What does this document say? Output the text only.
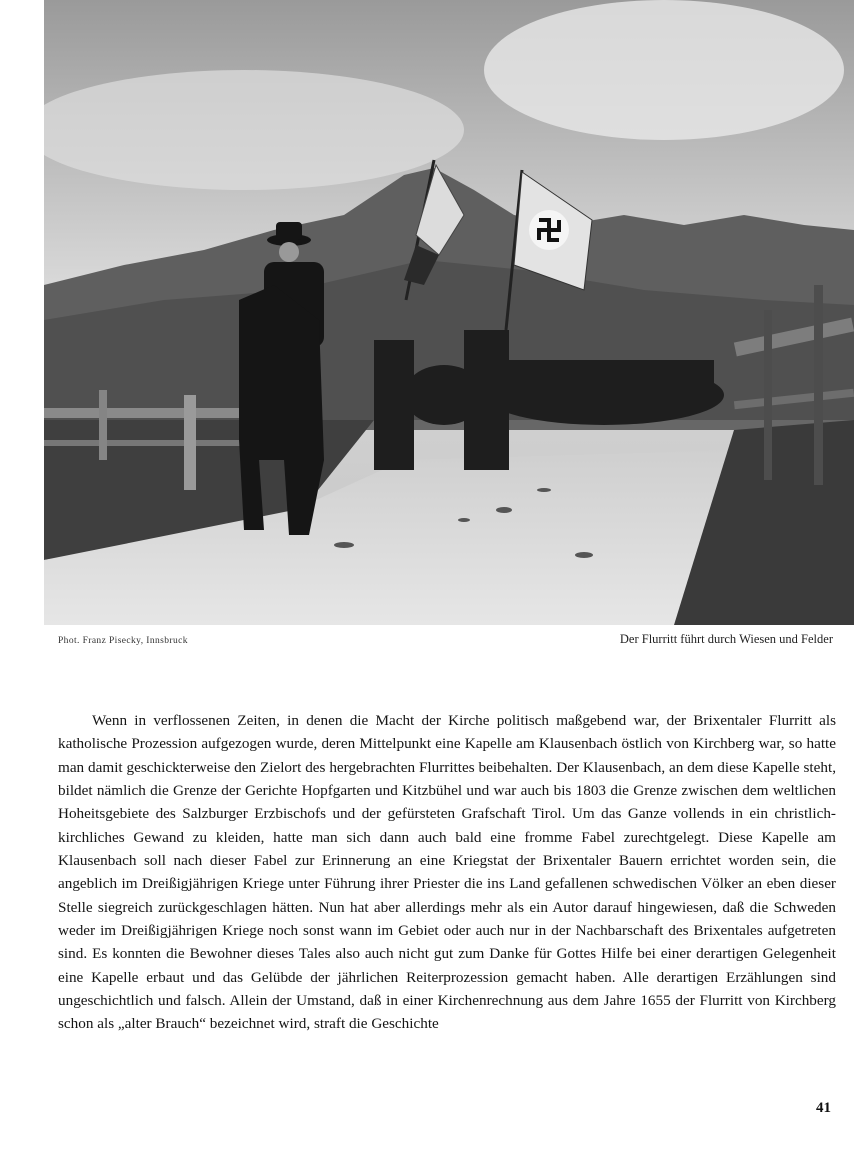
Phot. Franz Pisecky, Innsbruck	Der Flurritt führt durch Wiesen und Felder

Wenn in verflossenen Zeiten, in denen die Macht der Kirche politisch maßgebend war, der Brixentaler Flurritt als katholische Prozession aufgezogen wurde, deren Mittelpunkt eine Kapelle am Klausenbach östlich von Kirchberg war, so hatte man damit geschickterweise den Zielort des hergebrachten Flurrittes beibehalten. Der Klausenbach, an dem diese Kapelle steht, bildet nämlich die Grenze der Gerichte Hopfgarten und Kitzbühel und war auch bis 1803 die Grenze zwischen dem weltlichen Hoheitsgebiete des Salzburger Erzbischofs und der gefürsteten Grafschaft Tirol. Um das Ganze vollends in ein christlich-kirchliches Gewand zu kleiden, hatte man sich dann auch bald eine fromme Fabel zurechtgelegt. Diese Kapelle am Klausenbach soll nach dieser Fabel zur Erinnerung an eine Kriegstat der Brixentaler Bauern errichtet worden sein, die angeblich im Dreißigjährigen Kriege unter Führung ihrer Priester die ins Land gefallenen schwedischen Völker an eben dieser Stelle siegreich zurückgeschlagen hätten. Nun hat aber allerdings mehr als ein Autor darauf hingewiesen, daß die Schweden weder im Dreißigjährigen Kriege noch sonst wann im Gebiet oder auch nur in der Nachbarschaft des Brixentales aufgetreten sind. Es konnten die Bewohner dieses Tales also auch nicht gut zum Danke für Gottes Hilfe bei einer derartigen Gelegenheit eine Kapelle erbaut und das Gelübde der jährlichen Reiterprozession gemacht haben. Alle derartigen Erzählungen sind ungeschichtlich und falsch. Allein der Umstand, daß in einer Kirchenrechnung aus dem Jahre 1655 der Flurritt von Kirchberg schon als „alter Brauch“ bezeichnet wird, straft die Geschichte

41
